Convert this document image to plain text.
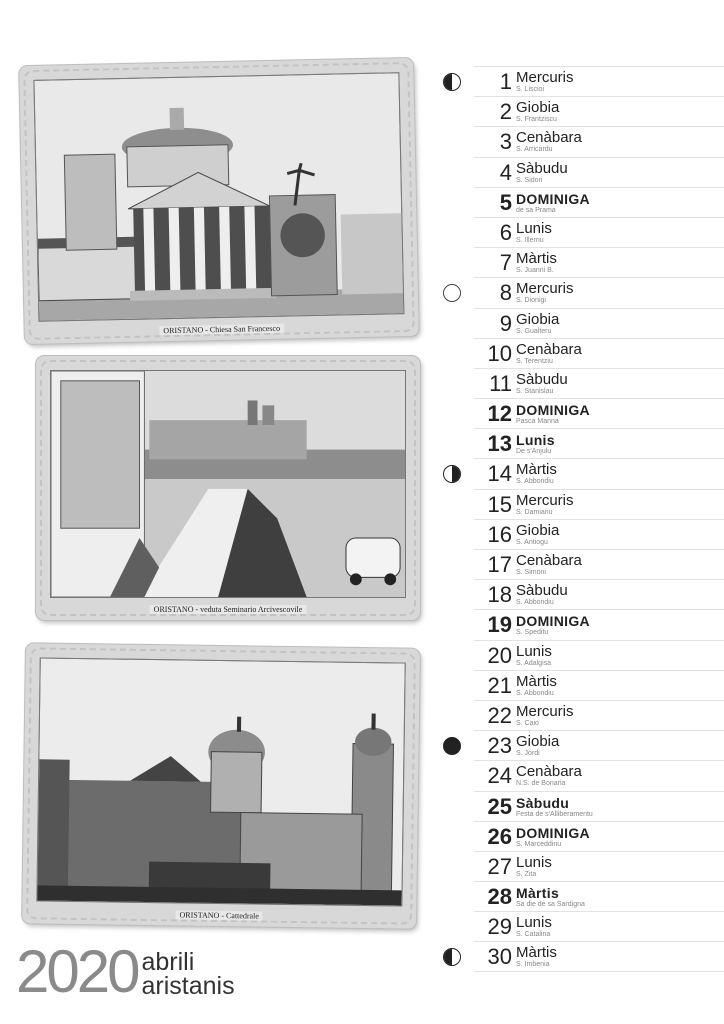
ORISTANO - Chiesa San Francesco
ORISTANO - veduta Seminario Arcivescovile
ORISTANO - Cattedrale
2020 abrili
aristanis
1 Mercuris
S. Liscioi
2 Giobia
S. Frantziscu
3 Cenàbara
S. Arricardu
4 Sàbudu
S. Sidori
5 DOMINIGA
de sa Prama
6 Lunis
S. Illernu
7 Màrtis
S. Juanni B.
8 Mercuris
S. Dionigi
9 Giobia
S. Gualteru
10 Cenàbara
S. Terentziu
11 Sàbudu
S. Stanislau
12 DOMINIGA
Pasca Manna
13 Lunis
De s'Anjulu
14 Màrtis
S. Abbondiu
15 Mercuris
S. Damianu
16 Giobia
S. Antiogu
17 Cenàbara
S. Simoni
18 Sàbudu
S. Abbondiu
19 DOMINIGA
S. Speditu
20 Lunis
S. Adalgisa
21 Màrtis
S. Abbondiu
22 Mercuris
S. Caio
23 Giobia
S. Jordi
24 Cenàbara
N.S. de Bonaria
25 Sàbudu
Festa de s'Alliberamentu
26 DOMINIGA
S. Marceddinu
27 Lunis
S. Zita
28 Màrtis
Sa die de sa Sardigna
29 Lunis
S. Catalina
30 Màrtis
S. Imbenia
